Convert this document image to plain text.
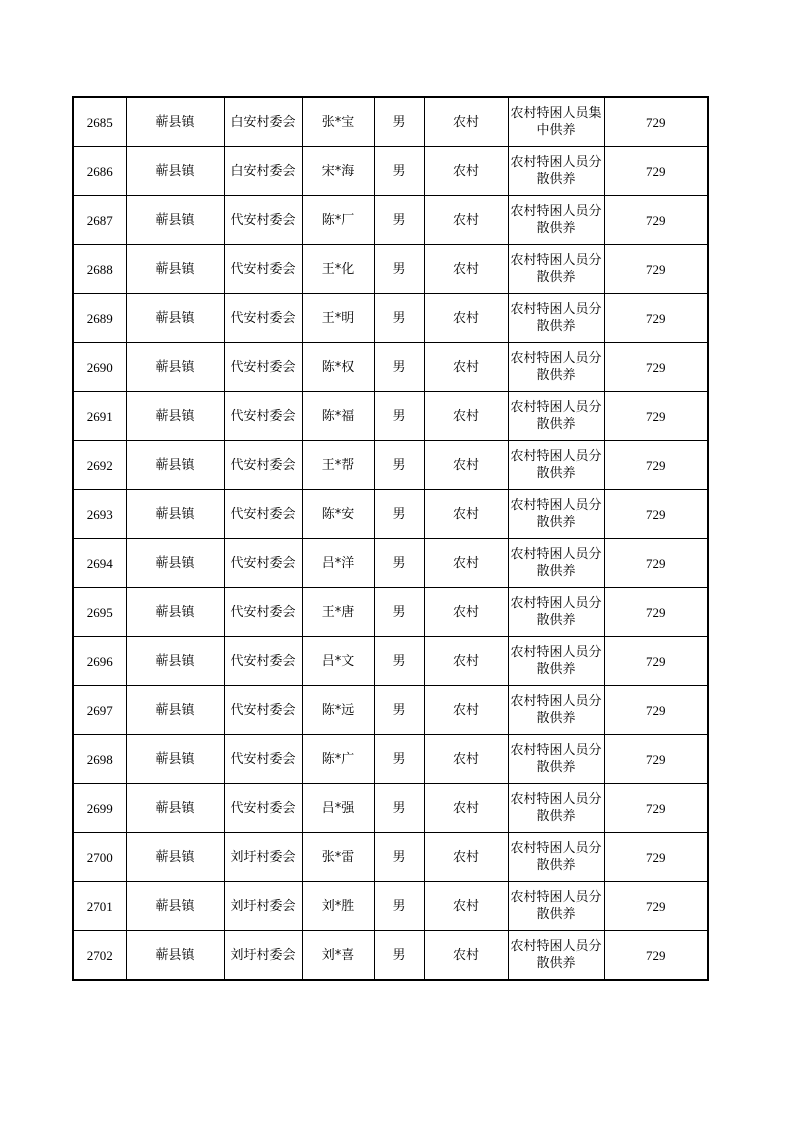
2685	蕲县镇	白安村委会	张*宝	男	农村	农村特困人员集中供养	729
2686	蕲县镇	白安村委会	宋*海	男	农村	农村特困人员分散供养	729
2687	蕲县镇	代安村委会	陈*厂	男	农村	农村特困人员分散供养	729
2688	蕲县镇	代安村委会	王*化	男	农村	农村特困人员分散供养	729
2689	蕲县镇	代安村委会	王*明	男	农村	农村特困人员分散供养	729
2690	蕲县镇	代安村委会	陈*权	男	农村	农村特困人员分散供养	729
2691	蕲县镇	代安村委会	陈*福	男	农村	农村特困人员分散供养	729
2692	蕲县镇	代安村委会	王*帮	男	农村	农村特困人员分散供养	729
2693	蕲县镇	代安村委会	陈*安	男	农村	农村特困人员分散供养	729
2694	蕲县镇	代安村委会	吕*洋	男	农村	农村特困人员分散供养	729
2695	蕲县镇	代安村委会	王*唐	男	农村	农村特困人员分散供养	729
2696	蕲县镇	代安村委会	吕*文	男	农村	农村特困人员分散供养	729
2697	蕲县镇	代安村委会	陈*远	男	农村	农村特困人员分散供养	729
2698	蕲县镇	代安村委会	陈*广	男	农村	农村特困人员分散供养	729
2699	蕲县镇	代安村委会	吕*强	男	农村	农村特困人员分散供养	729
2700	蕲县镇	刘圩村委会	张*雷	男	农村	农村特困人员分散供养	729
2701	蕲县镇	刘圩村委会	刘*胜	男	农村	农村特困人员分散供养	729
2702	蕲县镇	刘圩村委会	刘*喜	男	农村	农村特困人员分散供养	729
